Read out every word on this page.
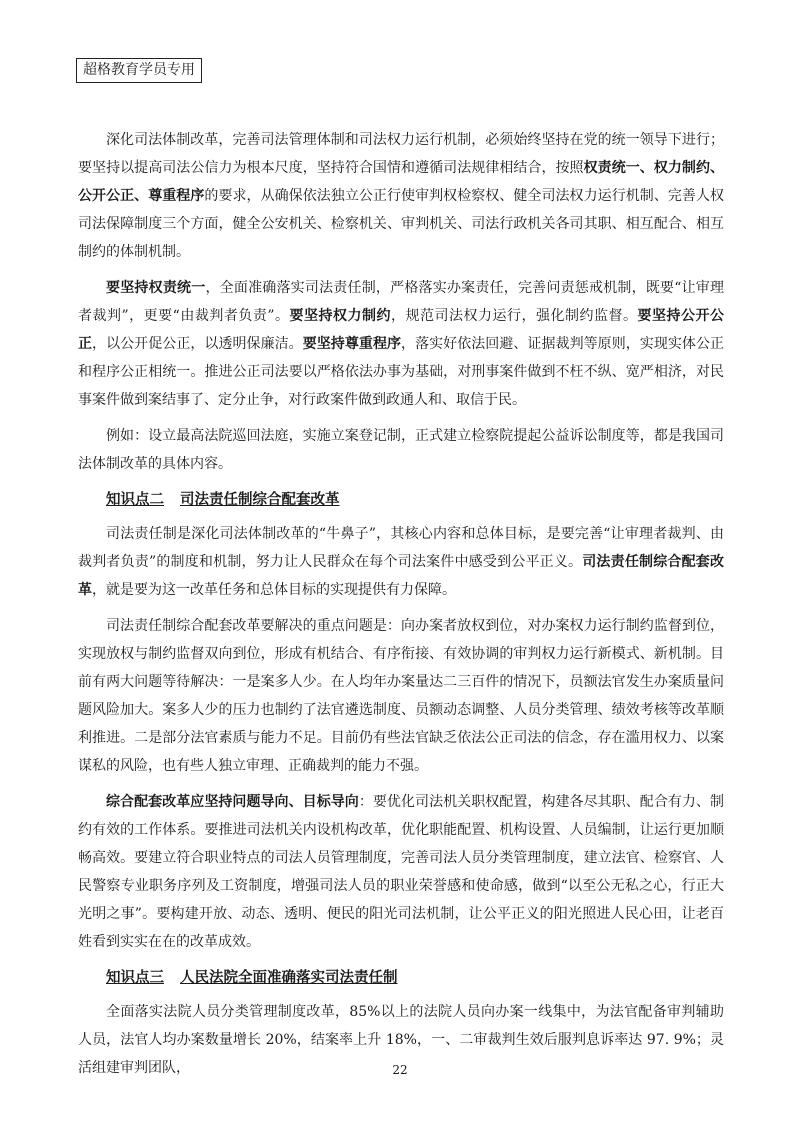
超格教育学员专用

深化司法体制改革，完善司法管理体制和司法权力运行机制，必须始终坚持在党的统一领导下进行；要坚持以提高司法公信力为根本尺度，坚持符合国情和遵循司法规律相结合，按照权责统一、权力制约、公开公正、尊重程序的要求，从确保依法独立公正行使审判权检察权、健全司法权力运行机制、完善人权司法保障制度三个方面，健全公安机关、检察机关、审判机关、司法行政机关各司其职、相互配合、相互制约的体制机制。

要坚持权责统一，全面准确落实司法责任制，严格落实办案责任，完善问责惩戒机制，既要“让审理者裁判”，更要“由裁判者负责”。要坚持权力制约，规范司法权力运行，强化制约监督。要坚持公开公正，以公开促公正，以透明保廉洁。要坚持尊重程序，落实好依法回避、证据裁判等原则，实现实体公正和程序公正相统一。推进公正司法要以严格依法办事为基础，对刑事案件做到不枉不纵、宽严相济，对民事案件做到案结事了、定分止争，对行政案件做到政通人和、取信于民。

例如：设立最高法院巡回法庭，实施立案登记制，正式建立检察院提起公益诉讼制度等，都是我国司法体制改革的具体内容。

知识点二 司法责任制综合配套改革

司法责任制是深化司法体制改革的“牛鼻子”，其核心内容和总体目标，是要完善“让审理者裁判、由裁判者负责”的制度和机制，努力让人民群众在每个司法案件中感受到公平正义。司法责任制综合配套改革，就是要为这一改革任务和总体目标的实现提供有力保障。

司法责任制综合配套改革要解决的重点问题是：向办案者放权到位，对办案权力运行制约监督到位，实现放权与制约监督双向到位，形成有机结合、有序衔接、有效协调的审判权力运行新模式、新机制。目前有两大问题等待解决：一是案多人少。在人均年办案量达二三百件的情况下，员额法官发生办案质量问题风险加大。案多人少的压力也制约了法官遴选制度、员额动态调整、人员分类管理、绩效考核等改革顺利推进。二是部分法官素质与能力不足。目前仍有些法官缺乏依法公正司法的信念，存在滥用权力、以案谋私的风险，也有些人独立审理、正确裁判的能力不强。

综合配套改革应坚持问题导向、目标导向：要优化司法机关职权配置，构建各尽其职、配合有力、制约有效的工作体系。要推进司法机关内设机构改革，优化职能配置、机构设置、人员编制，让运行更加顺畅高效。要建立符合职业特点的司法人员管理制度，完善司法人员分类管理制度，建立法官、检察官、人民警察专业职务序列及工资制度，增强司法人员的职业荣誉感和使命感，做到“以至公无私之心，行正大光明之事”。要构建开放、动态、透明、便民的阳光司法机制，让公平正义的阳光照进人民心田，让老百姓看到实实在在的改革成效。

知识点三 人民法院全面准确落实司法责任制

全面落实法院人员分类管理制度改革，85%以上的法院人员向办案一线集中，为法官配备审判辅助人员，法官人均办案数量增长 20%，结案率上升 18%，一、二审裁判生效后服判息诉率达 97. 9%；灵活组建审判团队，	22
